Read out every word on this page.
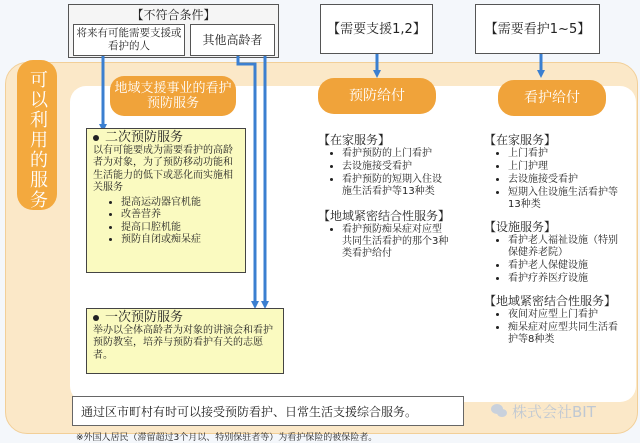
可以利用的服务
【不符合条件】
将来有可能需要支援或看护的人	其他高龄者
【需要支援1,2】	【需要看护1~5】
地域支援事业的看护预防服务
二次预防服务
以有可能要成为需要看护的高龄者为对象，为了预防移动功能和生活能力的低下或恶化而实施相关服务
• 提高运动器官机能
• 改善营养
• 提高口腔机能
• 预防自闭或痴呆症
一次预防服务
举办以全体高龄者为对象的讲演会和看护预防教室，培养与预防看护有关的志愿者。
预防给付
【在家服务】
• 看护预防的上门看护
• 去设施接受看护
• 看护预防的短期入住设施生活看护等13种类
【地域紧密结合性服务】
• 看护预防痴呆症对应型共同生活看护的那个3种类看护给付
看护给付
【在家服务】
• 上门看护
• 上门护理
• 去设施接受看护
• 短期入住设施生活看护等13种类
【设施服务】
• 看护老人福祉设施（特别保健养老院）
• 看护老人保健设施
• 看护疗养医疗设施
【地域紧密结合性服务】
• 夜间对应型上门看护
• 痴呆症对应型共同生活看护等8种类
通过区市町村有时可以接受预防看护、日常生活支援综合服务。
※外国人居民（滞留超过3个月以、特别保驻者等）为看护保险的被保险者。
株式会社BIT
